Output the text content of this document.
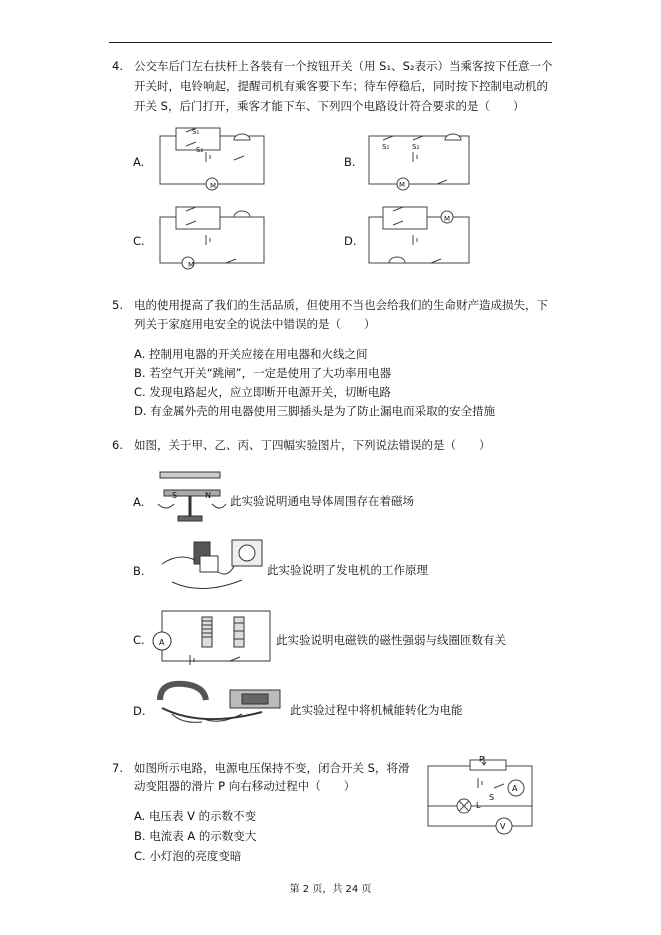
4. 公交车后门左右扶杆上各装有一个按钮开关（用 S₁、S₂表示）当乘客按下任意一个
开关时，电铃响起，提醒司机有乘客要下车；待车停稳后，同时按下控制电动机的
开关 S，后门打开，乘客才能下车、下列四个电路设计符合要求的是（　　）
A.	B.
C.	D.
S₁
S₂
M
S₁	S₂
M
M
M
5. 电的使用提高了我们的生活品质，但使用不当也会给我们的生命财产造成损失，下
列关于家庭用电安全的说法中错误的是（　　）
A. 控制用电器的开关应接在用电器和火线之间
B. 若空气开关“跳闸”，一定是使用了大功率用电器
C. 发现电路起火，应立即断开电源开关，切断电路
D. 有金属外壳的用电器使用三脚插头是为了防止漏电而采取的安全措施
6. 如图，关于甲、乙、丙、丁四幅实验图片，下列说法错误的是（　　）
A.	S	N 此实验说明通电导体周围存在着磁场
B.	此实验说明了发电机的工作原理
C. A	此实验说明电磁铁的磁性强弱与线圈匝数有关
D.	此实验过程中将机械能转化为电能
7. 如图所示电路，电源电压保持不变，闭合开关 S，将滑
动变阻器的滑片 P 向右移动过程中（　　）
A. 电压表 V 的示数不变
B. 电流表 A 的示数变大
C. 小灯泡的亮度变暗
P
A
S
L
V
第 2 页，共 24 页
